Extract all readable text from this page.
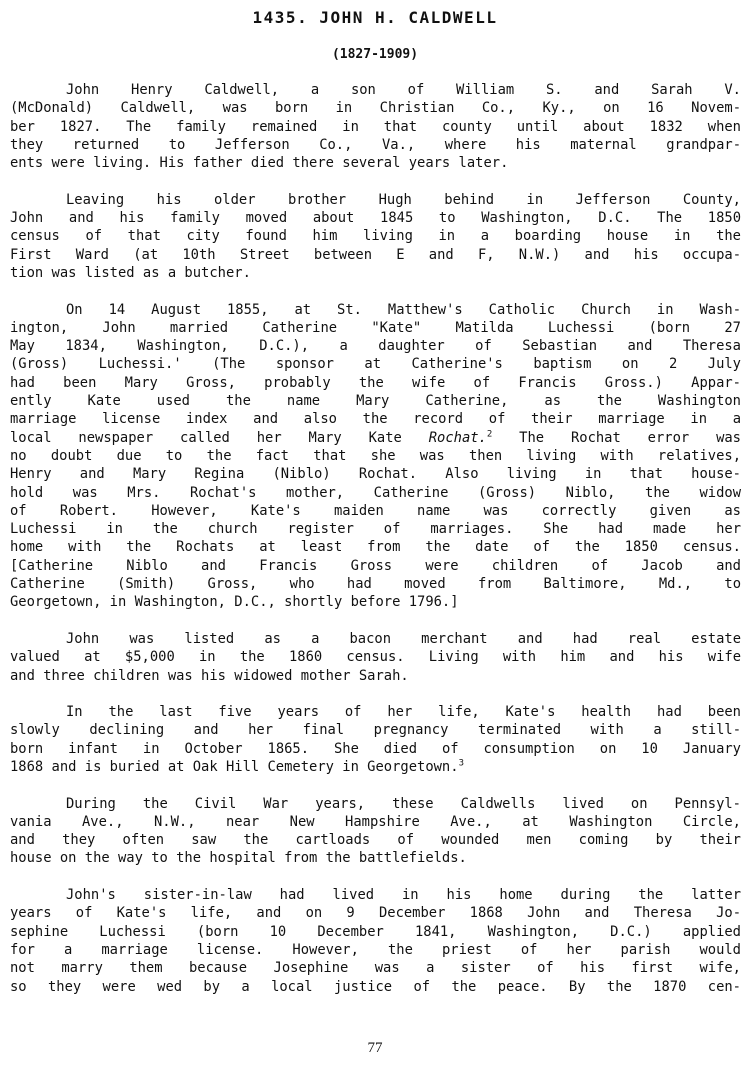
1435. JOHN H. CALDWELL
(1827-1909)
John Henry Caldwell, a son of William S. and Sarah V.
(McDonald) Caldwell, was born in Christian Co., Ky., on 16 Novem-
ber 1827. The family remained in that county until about 1832 when
they returned to Jefferson Co., Va., where his maternal grandpar-
ents were living. His father died there several years later.
Leaving his older brother Hugh behind in Jefferson County,
John and his family moved about 1845 to Washington, D.C. The 1850
census of that city found him living in a boarding house in the
First Ward (at 10th Street between E and F, N.W.) and his occupa-
tion was listed as a butcher.
On 14 August 1855, at St. Matthew's Catholic Church in Wash-
ington, John married Catherine "Kate" Matilda Luchessi (born 27
May 1834, Washington, D.C.), a daughter of Sebastian and Theresa
(Gross) Luchessi.' (The sponsor at Catherine's baptism on 2 July
had been Mary Gross, probably the wife of Francis Gross.) Appar-
ently Kate used the name Mary Catherine, as the Washington
marriage license index and also the record of their marriage in a
local newspaper called her Mary Kate Rochat.$^2$ The Rochat error was
no doubt due to the fact that she was then living with relatives,
Henry and Mary Regina (Niblo) Rochat. Also living in that house-
hold was Mrs. Rochat's mother, Catherine (Gross) Niblo, the widow
of Robert. However, Kate's maiden name was correctly given as
Luchessi in the church register of marriages. She had made her
home with the Rochats at least from the date of the 1850 census.
[Catherine Niblo and Francis Gross were children of Jacob and
Catherine (Smith) Gross, who had moved from Baltimore, Md., to
Georgetown, in Washington, D.C., shortly before 1796.]
John was listed as a bacon merchant and had real estate
valued at $5,000 in the 1860 census. Living with him and his wife
and three children was his widowed mother Sarah.
In the last five years of her life, Kate's health had been
slowly declining and her final pregnancy terminated with a still-
born infant in October 1865. She died of consumption on 10 January
1868 and is buried at Oak Hill Cemetery in Georgetown.$^3$
During the Civil War years, these Caldwells lived on Pennsyl-
vania Ave., N.W., near New Hampshire Ave., at Washington Circle,
and they often saw the cartloads of wounded men coming by their
house on the way to the hospital from the battlefields.
John's sister-in-law had lived in his home during the latter
years of Kate's life, and on 9 December 1868 John and Theresa Jo-
sephine Luchessi (born 10 December 1841, Washington, D.C.) applied
for a marriage license. However, the priest of her parish would
not marry them because Josephine was a sister of his first wife,
so they were wed by a local justice of the peace. By the 1870 cen-
77
